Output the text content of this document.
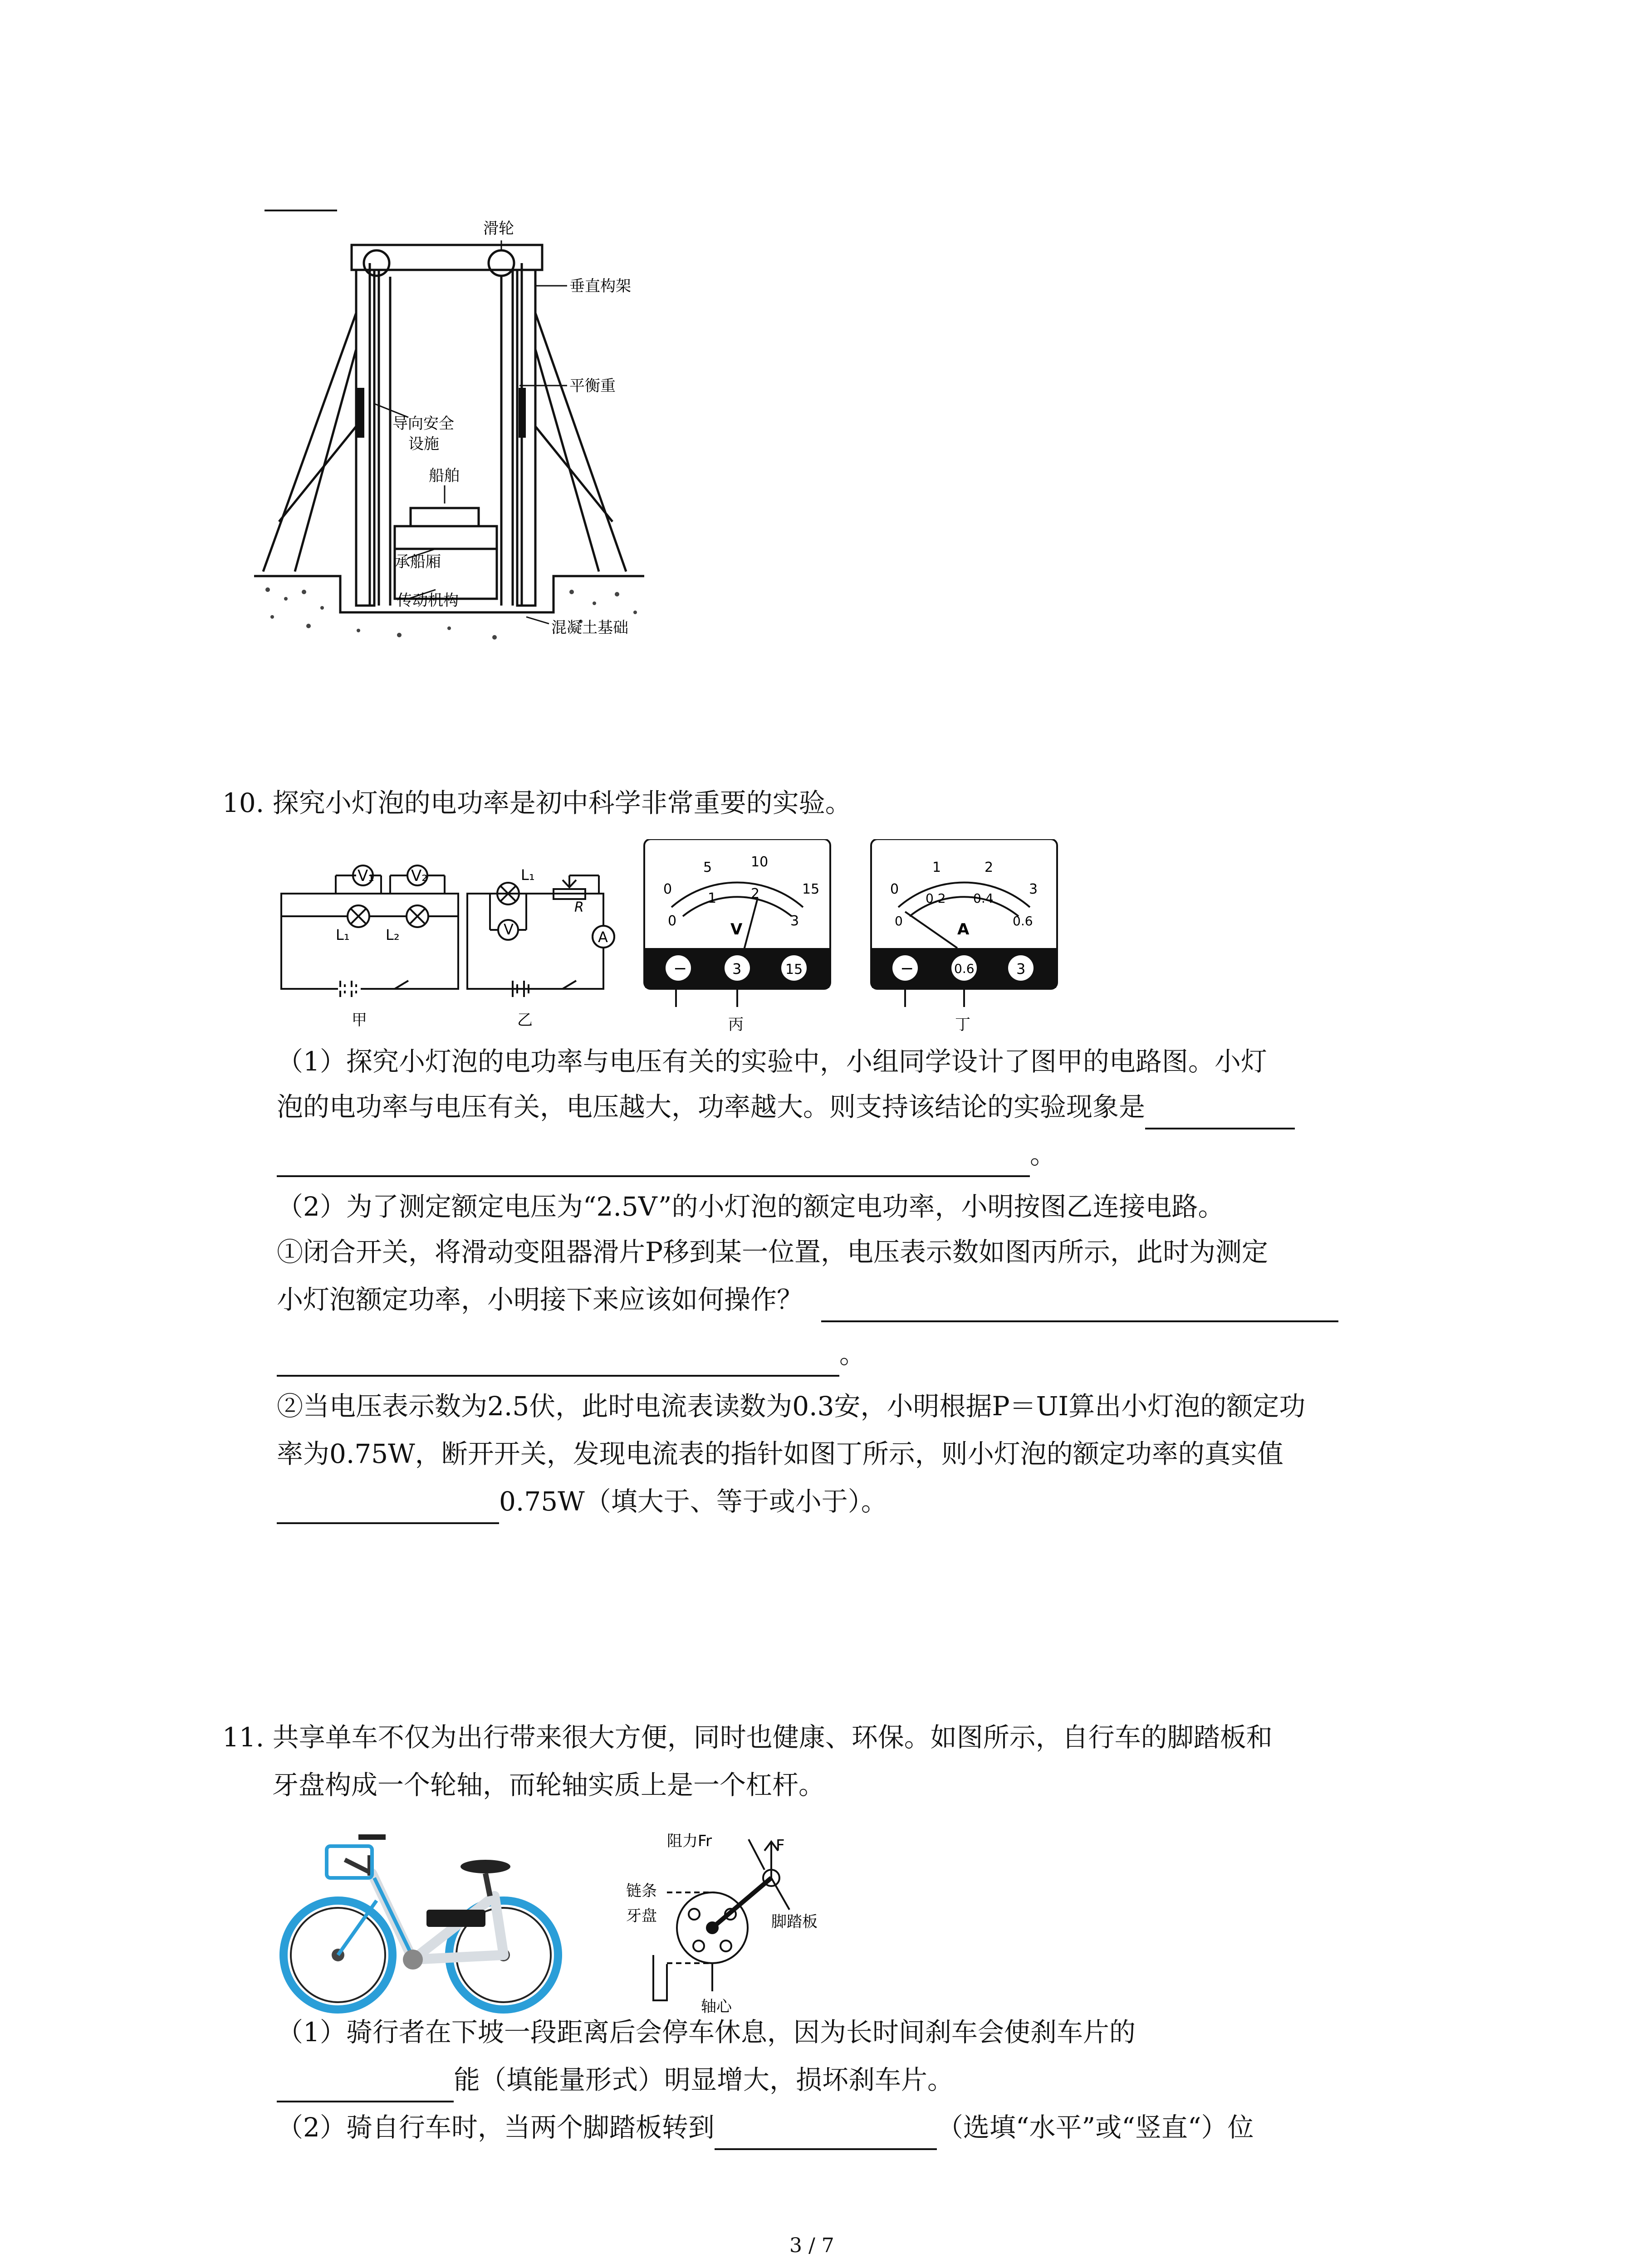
滑轮
垂直构架
平衡重
导向安全
设施
船舶
承船厢
传动机构
混凝土基础
10. 探究小灯泡的电功率是初中科学非常重要的实验。
V₁ V₂
L₁ L₂
甲
V	A
L₁
R
乙
−	3	15
0
5	10
15
0
1	2
3
V
丙
−	0.6	3
0
1	2
3
0
0.2 0.4
0.6
A
丁
（1）探究小灯泡的电功率与电压有关的实验中，小组同学设计了图甲的电路图。小灯
泡的电功率与电压有关，电压越大，功率越大。则支持该结论的实验现象是
。
（2）为了测定额定电压为“2.5V”的小灯泡的额定电功率，小明按图乙连接电路。
①闭合开关，将滑动变阻器滑片P移到某一位置，电压表示数如图丙所示，此时为测定
小灯泡额定功率，小明接下来应该如何操作？
。
②当电压表示数为2.5伏，此时电流表读数为0.3安，小明根据P＝UI算出小灯泡的额定功
率为0.75W，断开开关，发现电流表的指针如图丁所示，则小灯泡的额定功率的真实值
0.75W（填大于、等于或小于）。
11. 共享单车不仅为出行带来很大方便，同时也健康、环保。如图所示，自行车的脚踏板和
牙盘构成一个轮轴，而轮轴实质上是一个杠杆。
阻力Fr	F
链条
牙盘	脚踏板
轴心
（1）骑行者在下坡一段距离后会停车休息，因为长时间刹车会使刹车片的
能（填能量形式）明显增大，损坏刹车片。
（2）骑自行车时，当两个脚踏板转到	（选填“水平”或“竖直“）位
3 / 7
